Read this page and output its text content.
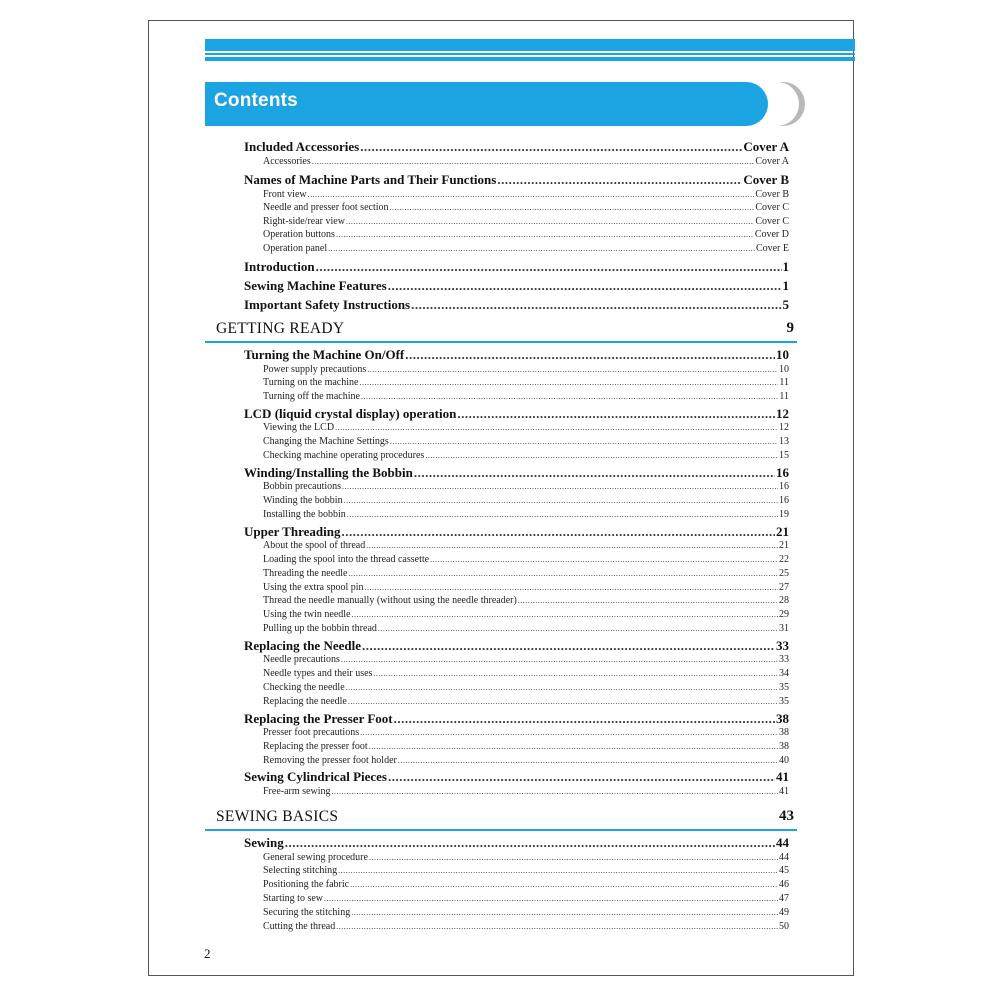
Contents
Included Accessories .....	Cover A
Accessories .....	Cover A
Names of Machine Parts and Their Functions .....	Cover B
Front view .....	Cover B
Needle and presser foot section .....	Cover C
Right-side/rear view .....	Cover C
Operation buttons .....	Cover D
Operation panel .....	Cover E
Introduction .....	1
Sewing Machine Features .....	1
Important Safety Instructions .....	5
GETTING READY	9
Turning the Machine On/Off .....	10
Power supply precautions .....	10
Turning on the machine .....	11
Turning off the machine .....	11
LCD (liquid crystal display) operation .....	12
Viewing the LCD .....	12
Changing the Machine Settings .....	13
Checking machine operating procedures .....	15
Winding/Installing the Bobbin .....	16
Bobbin precautions .....	16
Winding the bobbin .....	16
Installing the bobbin .....	19
Upper Threading .....	21
About the spool of thread .....	21
Loading the spool into the thread cassette .....	22
Threading the needle .....	25
Using the extra spool pin .....	27
Thread the needle manually (without using the needle threader) .....	28
Using the twin needle .....	29
Pulling up the bobbin thread .....	31
Replacing the Needle .....	33
Needle precautions .....	33
Needle types and their uses .....	34
Checking the needle .....	35
Replacing the needle .....	35
Replacing the Presser Foot .....	38
Presser foot precautions .....	38
Replacing the presser foot .....	38
Removing the presser foot holder .....	40
Sewing Cylindrical Pieces .....	41
Free-arm sewing .....	41
SEWING BASICS	43
Sewing .....	44
General sewing procedure .....	44
Selecting stitching .....	45
Positioning the fabric .....	46
Starting to sew .....	47
Securing the stitching .....	49
Cutting the thread .....	50
2
